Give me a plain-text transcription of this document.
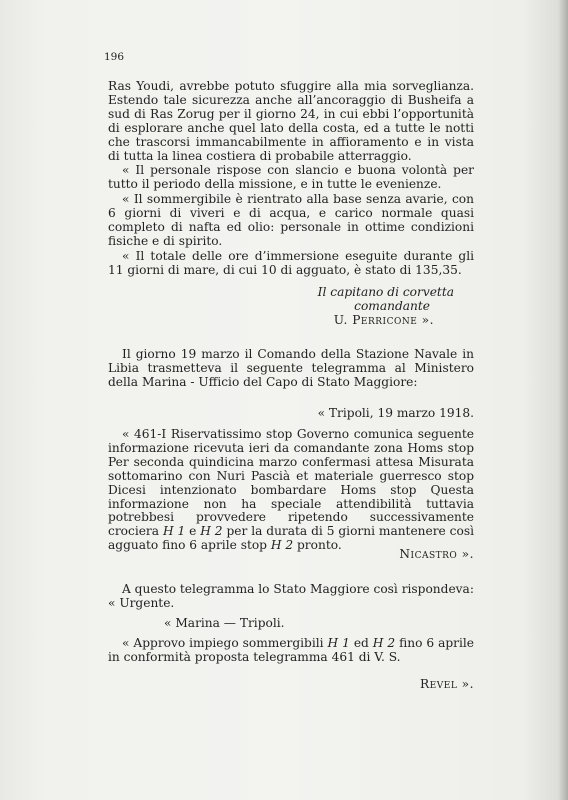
196

Ras Youdi, avrebbe potuto sfuggire alla mia sorveglianza. Estendo tale sicurezza anche all’ancoraggio di Busheifa a sud di Ras Zorug per il giorno 24, in cui ebbi l’opportunità di esplorare anche quel lato della costa, ed a tutte le notti che trascorsi immancabilmente in affioramento e in vista di tutta la linea costiera di probabile atterraggio.

« Il personale rispose con slancio e buona volontà per tutto il periodo della missione, e in tutte le evenienze.

« Il sommergibile è rientrato alla base senza avarie, con 6 giorni di viveri e di acqua, e carico normale quasi completo di nafta ed olio: personale in ottime condizioni fisiche e di spirito.

« Il totale delle ore d’immersione eseguite durante gli 11 giorni di mare, di cui 10 di agguato, è stato di 135,35.

Il capitano di corvetta
comandante
U. Perricone ».

Il giorno 19 marzo il Comando della Stazione Navale in Libia trasmetteva il seguente telegramma al Ministero della Marina - Ufficio del Capo di Stato Maggiore:

« Tripoli, 19 marzo 1918.

« 461-I Riservatissimo stop Governo comunica seguente informazione ricevuta ieri da comandante zona Homs stop Per seconda quindicina marzo confermasi attesa Misurata sottomarino con Nuri Pascià et materiale guerresco stop Dicesi intenzionato bombardare Homs stop Questa informazione non ha speciale attendibilità tuttavia potrebbesi provvedere ripetendo successivamente crociera H 1 e H 2 per la durata di 5 giorni mantenere così agguato fino 6 aprile stop H 2 pronto.

Nicastro ».

A questo telegramma lo Stato Maggiore così rispondeva:

« Urgente.

« Marina — Tripoli.

« Approvo impiego sommergibili H 1 ed H 2 fino 6 aprile in conformità proposta telegramma 461 di V. S.

Revel ».
